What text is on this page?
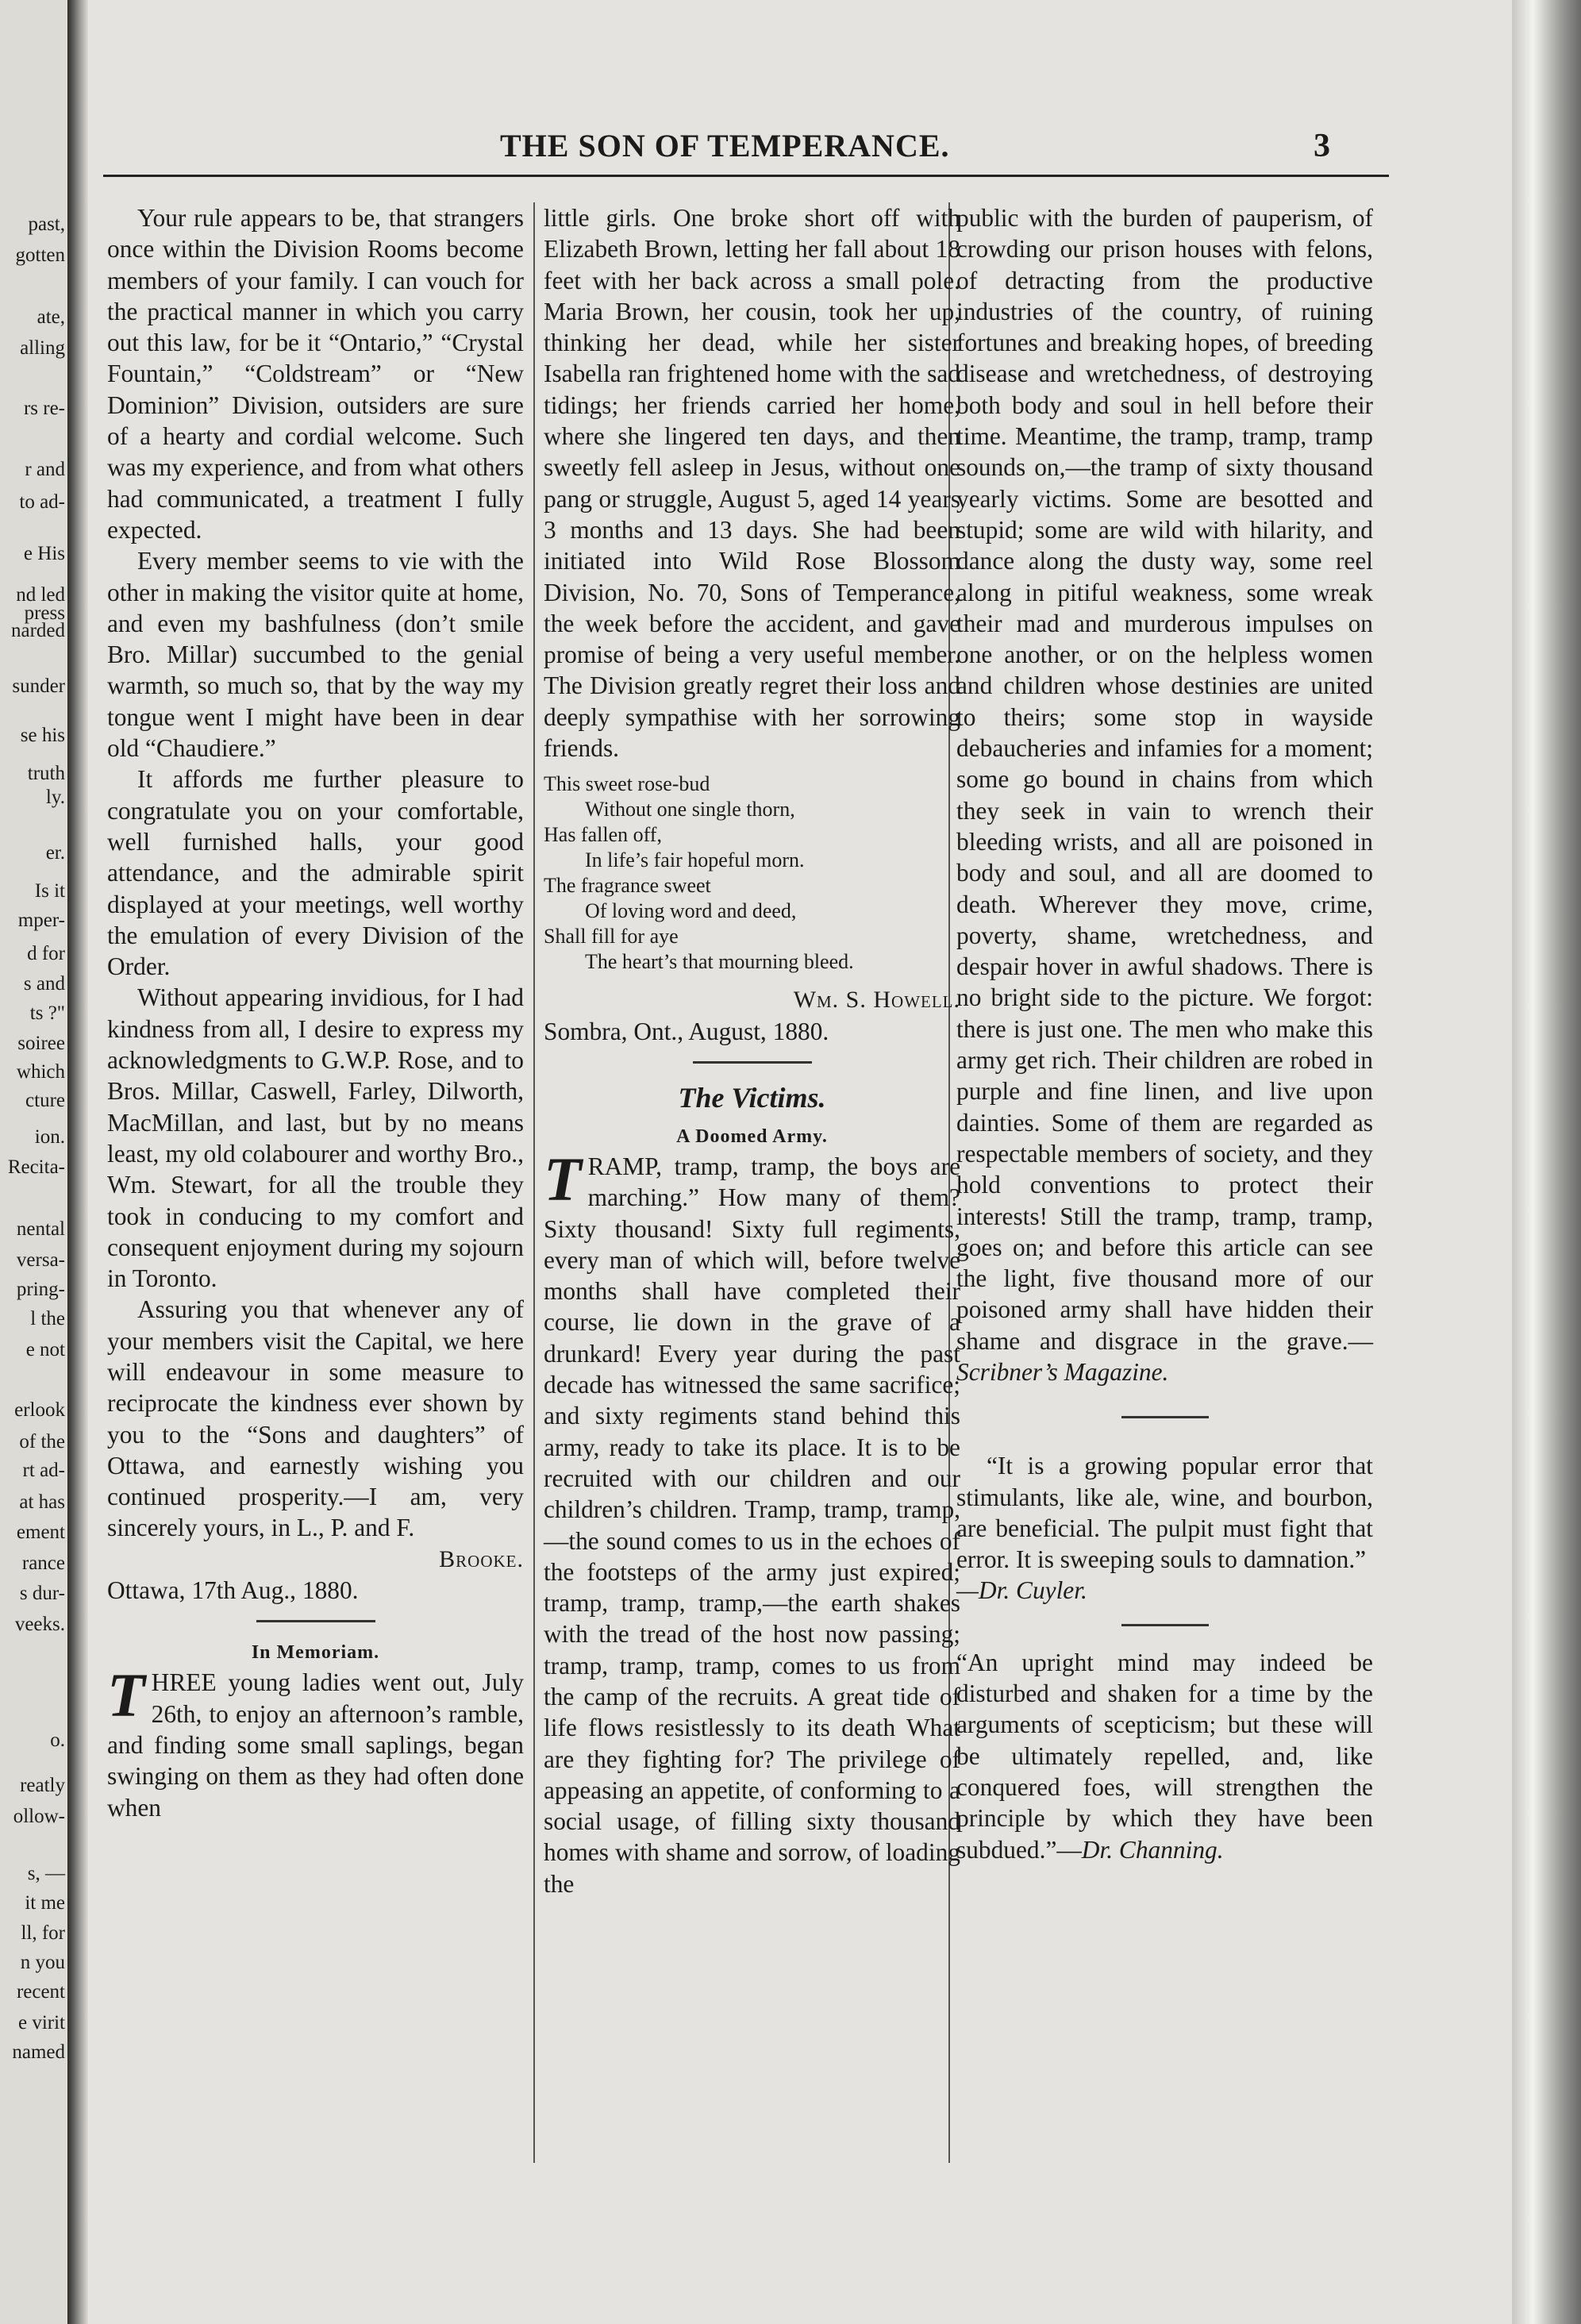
past,
gotten
ate,
alling
rs re-
r and
to ad-
e His
nd led
press
narded
sunder
se his
truth
ly.
er.
Is it
mper-
d for
s and
ts ?"
soiree
which
cture
ion.
Recita-
nental
versa-
pring-
l the
e not
erlook
of the
rt ad-
at has
ement
rance
s dur-
veeks.
o.
reatly
ollow-
s, —
it me
ll, for
n you
recent
e virit
named
THE SON OF TEMPERANCE.	3

Your rule appears to be, that strangers once within the Division Rooms become members of your family. I can vouch for the practical manner in which you carry out this law, for be it “Ontario,” “Crystal Fountain,” “Coldstream” or “New Dominion” Division, outsiders are sure of a hearty and cordial welcome. Such was my experience, and from what others had communicated, a treatment I fully expected.

Every member seems to vie with the other in making the visitor quite at home, and even my bashfulness (don’t smile Bro. Millar) succumbed to the genial warmth, so much so, that by the way my tongue went I might have been in dear old “Chaudiere.”

It affords me further pleasure to congratulate you on your comfortable, well furnished halls, your good attendance, and the admirable spirit displayed at your meetings, well worthy the emulation of every Division of the Order.

Without appearing invidious, for I had kindness from all, I desire to express my acknowledgments to G.W.P. Rose, and to Bros. Millar, Caswell, Farley, Dilworth, MacMillan, and last, but by no means least, my old colabourer and worthy Bro., Wm. Stewart, for all the trouble they took in conducing to my comfort and consequent enjoyment during my sojourn in Toronto.

Assuring you that whenever any of your members visit the Capital, we here will endeavour in some measure to reciprocate the kindness ever shown by you to the “Sons and daughters” of Ottawa, and earnestly wishing you continued prosperity.—I am, very sincerely yours, in L., P. and F.

Brooke.

Ottawa, 17th Aug., 1880.

In Memoriam.

T HREE young ladies went out, July 26th, to enjoy an afternoon’s ramble, and finding some small saplings, began swinging on them as they had often done when

little girls. One broke short off with Elizabeth Brown, letting her fall about 18 feet with her back across a small pole. Maria Brown, her cousin, took her up, thinking her dead, while her sister Isabella ran frightened home with the sad tidings; her friends carried her home, where she lingered ten days, and then sweetly fell asleep in Jesus, without one pang or struggle, August 5, aged 14 years 3 months and 13 days. She had been initiated into Wild Rose Blossom Division, No. 70, Sons of Temperance, the week before the accident, and gave promise of being a very useful member. The Division greatly regret their loss and deeply sympathise with her sorrowing friends.

This sweet rose-bud
Without one single thorn,
Has fallen off,
In life’s fair hopeful morn.
The fragrance sweet
Of loving word and deed,
Shall fill for aye
The heart’s that mourning bleed.

Wm. S. Howell.

Sombra, Ont., August, 1880.

The Victims.
A Doomed Army.

T RAMP, tramp, tramp, the boys are marching.” How many of them? Sixty thousand! Sixty full regiments, every man of which will, before twelve months shall have completed their course, lie down in the grave of a drunkard! Every year during the past decade has witnessed the same sacrifice; and sixty regiments stand behind this army, ready to take its place. It is to be recruited with our children and our children’s children. Tramp, tramp, tramp,—the sound comes to us in the echoes of the footsteps of the army just expired; tramp, tramp, tramp,—the earth shakes with the tread of the host now passing; tramp, tramp, tramp, comes to us from the camp of the recruits. A great tide of life flows resistlessly to its death What are they fighting for? The privilege of appeasing an appetite, of conforming to a social usage, of filling sixty thousand homes with shame and sorrow, of loading the

public with the burden of pauperism, of crowding our prison houses with felons, of detracting from the productive industries of the country, of ruining fortunes and breaking hopes, of breeding disease and wretchedness, of destroying both body and soul in hell before their time. Meantime, the tramp, tramp, tramp sounds on,—the tramp of sixty thousand yearly victims. Some are besotted and stupid; some are wild with hilarity, and dance along the dusty way, some reel along in pitiful weakness, some wreak their mad and murderous impulses on one another, or on the helpless women and children whose destinies are united to theirs; some stop in wayside debaucheries and infamies for a moment; some go bound in chains from which they seek in vain to wrench their bleeding wrists, and all are poisoned in body and soul, and all are doomed to death. Wherever they move, crime, poverty, shame, wretchedness, and despair hover in awful shadows. There is no bright side to the picture. We forgot: there is just one. The men who make this army get rich. Their children are robed in purple and fine linen, and live upon dainties. Some of them are regarded as respectable members of society, and they hold conventions to protect their interests! Still the tramp, tramp, tramp, goes on; and before this article can see the light, five thousand more of our poisoned army shall have hidden their shame and disgrace in the grave.—Scribner’s Magazine.

“It is a growing popular error that stimulants, like ale, wine, and bourbon, are beneficial. The pulpit must fight that error. It is sweeping souls to damnation.”

—Dr. Cuyler.

“An upright mind may indeed be disturbed and shaken for a time by the arguments of scepticism; but these will be ultimately repelled, and, like conquered foes, will strengthen the principle by which they have been subdued.”—Dr. Channing.
